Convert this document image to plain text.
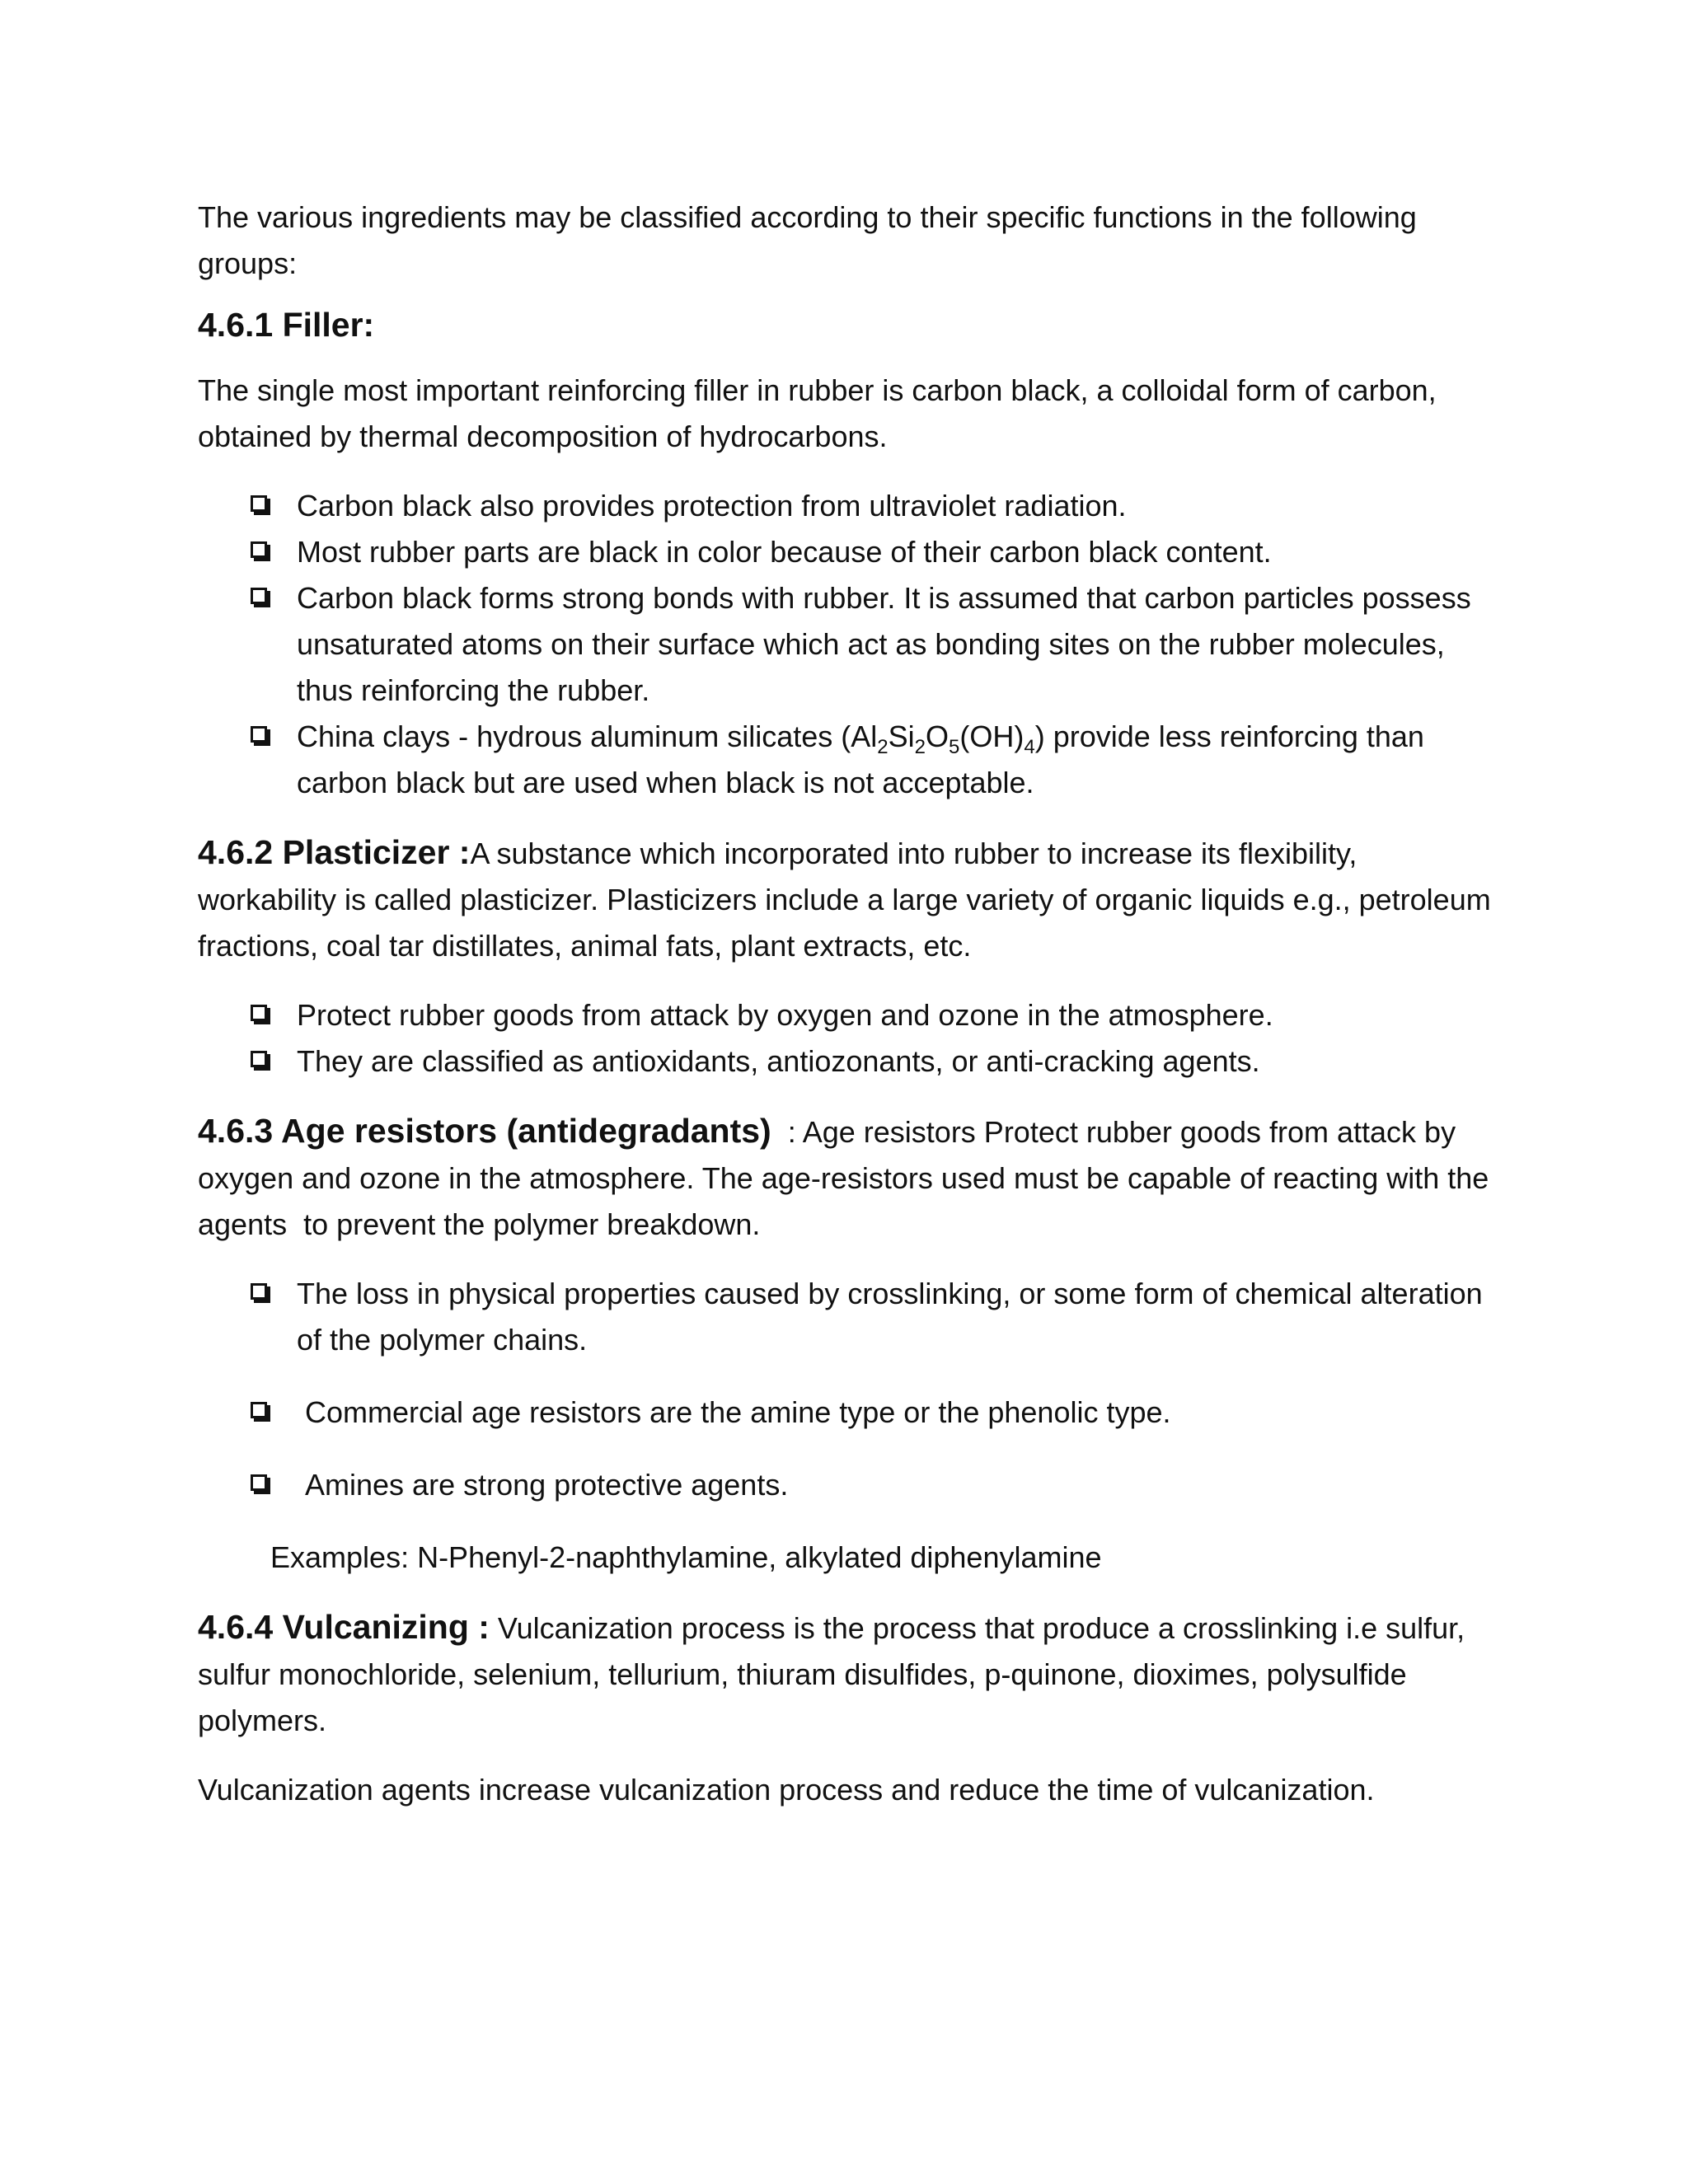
The various ingredients may be classified according to their specific functions in the following groups:

4.6.1 Filler:

The single most important reinforcing filler in rubber is carbon black, a colloidal form of carbon, obtained by thermal decomposition of hydrocarbons.

Carbon black also provides protection from ultraviolet radiation.
Most rubber parts are black in color because of their carbon black content.
Carbon black forms strong bonds with rubber. It is assumed that carbon particles possess unsaturated atoms on their surface which act as bonding sites on the rubber molecules, thus reinforcing the rubber.
China clays - hydrous aluminum silicates $(Al_2Si_2O_5(OH)_4)$ provide less reinforcing than carbon black but are used when black is not acceptable.

4.6.2 Plasticizer :A substance which incorporated into rubber to increase its flexibility, workability is called plasticizer. Plasticizers include a large variety of organic liquids e.g., petroleum fractions, coal tar distillates, animal fats, plant extracts, etc.

Protect rubber goods from attack by oxygen and ozone in the atmosphere.
They are classified as antioxidants, antiozonants, or anti-cracking agents.

4.6.3 Age resistors (antidegradants)  : Age resistors Protect rubber goods from attack by oxygen and ozone in the atmosphere. The age-resistors used must be capable of reacting with the agents  to prevent the polymer breakdown.

The loss in physical properties caused by crosslinking, or some form of chemical alteration of the polymer chains.
Commercial age resistors are the amine type or the phenolic type.
Amines are strong protective agents.

Examples: N-Phenyl-2-naphthylamine, alkylated diphenylamine

4.6.4 Vulcanizing : Vulcanization process is the process that produce a crosslinking i.e sulfur, sulfur monochloride, selenium, tellurium, thiuram disulfides, p-quinone, dioximes, polysulfide polymers.

Vulcanization agents increase vulcanization process and reduce the time of vulcanization.
